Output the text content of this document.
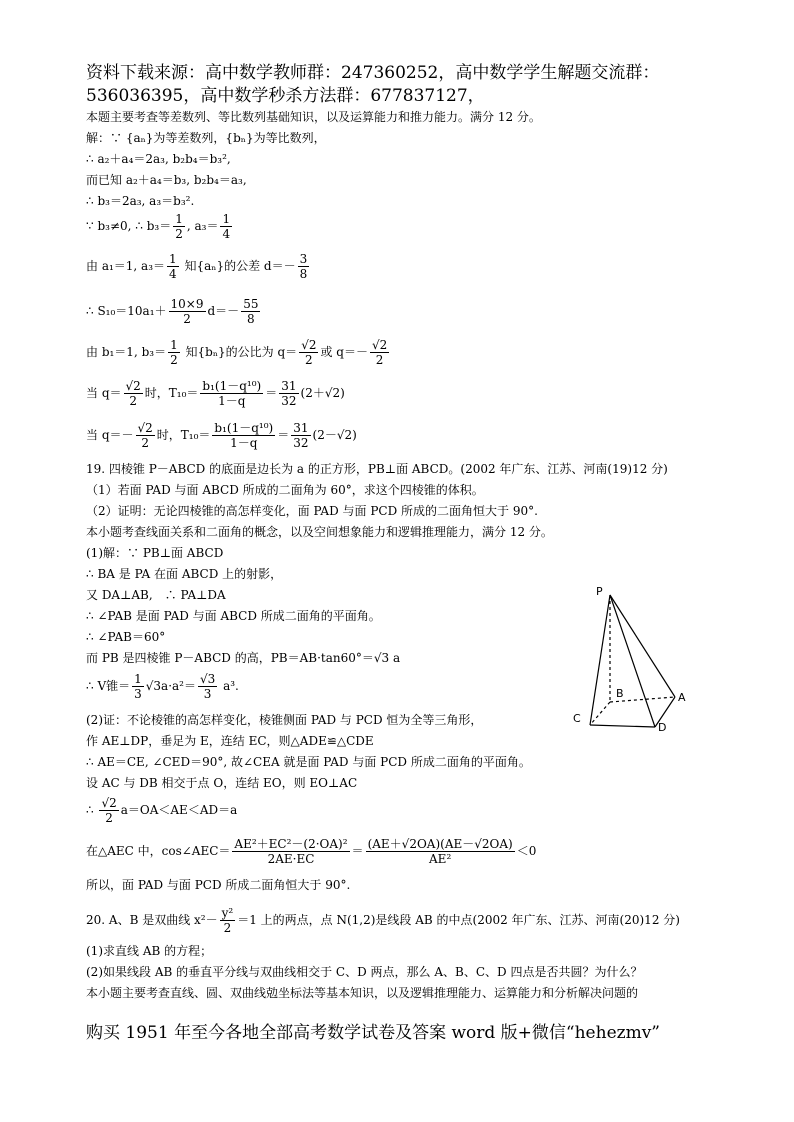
资料下载来源：高中数学教师群：247360252，高中数学学生解题交流群：
536036395，高中数学秒杀方法群：677837127，
本题主要考查等差数列、等比数列基础知识，以及运算能力和推力能力。满分 12 分。
解：∵ {aₙ}为等差数列，{bₙ}为等比数列，
∴ a₂＋a₄＝2a₃, b₂b₄＝b₃²,
而已知 a₂＋a₄＝b₃, b₂b₄＝a₃,
∴ b₃＝2a₃, a₃＝b₃².
∵ b₃≠0, ∴ $b_3= \frac{1}{2}$ , $a_3= \frac{1}{4}$
由 a₁＝1, $a_3= \frac{1}{4}$ 知{aₙ}的公差 $d=- \frac{3}{8}$
∴ $S_{10}=10a_1+ \frac{10\times 9}{2} d=- \frac{55}{8}$
由 b₁＝1, $b_3= \frac{1}{2}$ 知{bₙ}的公比为 $q= \frac{√2}{2}$ 或 $q=- \frac{√2}{2}$
当 $q= \frac{√2}{2}$ 时，$T_{10}= \frac{\text{b₁(1－q¹⁰)}}{1-q} = \frac{31}{32} (2+√2)$
当 $q=- \frac{√2}{2}$ 时，$T_{10}= \frac{\text{b₁(1－q¹⁰)}}{1-q} = \frac{31}{32} (2-√2)$
19. 四棱锥 P－ABCD 的底面是边长为 a 的正方形，PB⊥面 ABCD。(2002 年广东、江苏、河南(19)12 分)
（1）若面 PAD 与面 ABCD 所成的二面角为 60°，求这个四棱锥的体积。
（2）证明：无论四棱锥的高怎样变化，面 PAD 与面 PCD 所成的二面角恒大于 90°.
本小题考查线面关系和二面角的概念，以及空间想象能力和逻辑推理能力，满分 12 分。
(1)解：∵ PB⊥面 ABCD
∴ BA 是 PA 在面 ABCD 上的射影，
又 DA⊥AB,　∴ PA⊥DA
∴ ∠PAB 是面 PAD 与面 ABCD 所成二面角的平面角。
∴ ∠PAB＝60°
而 PB 是四棱锥 P－ABCD 的高，PB＝AB·tan60°＝√3 a
∴ V锥＝ $\frac{1}{3} √3a\cdot a^2= \frac{√3}{3} a^3$.
(2)证：不论棱锥的高怎样变化，棱锥侧面 PAD 与 PCD 恒为全等三角形，
作 AE⊥DP，垂足为 E，连结 EC，则△ADE≌△CDE
∴ AE＝CE, ∠CED＝90°, 故∠CEA 就是面 PAD 与面 PCD 所成二面角的平面角。
设 AC 与 DB 相交于点 O，连结 EO，则 EO⊥AC
∴ $\frac{√2}{2} a=OA<AE<AD=a$
在△AEC 中，cos∠AEC＝ $\frac{\text{AE²＋EC²－(2·OA)²}}{2AE\cdot EC} = \frac{(AE+√2OA)(AE-√2OA)}{\text{AE²}} <0$
所以，面 PAD 与面 PCD 所成二面角恒大于 90°.
P
B	A
C
D
20. A、B 是双曲线 $x^2- \frac{\text{y²}}{2} =1$ 上的两点，点 N(1,2)是线段 AB 的中点(2002 年广东、江苏、河南(20)12 分)
(1)求直线 AB 的方程；
(2)如果线段 AB 的垂直平分线与双曲线相交于 C、D 两点，那么 A、B、C、D 四点是否共圆？为什么？
本小题主要考查直线、圆、双曲线勊坐标法等基本知识，以及逻辑推理能力、运算能力和分析解决问题的
购买 1951 年至今各地全部高考数学试卷及答案 word 版+微信“hehezmv”
